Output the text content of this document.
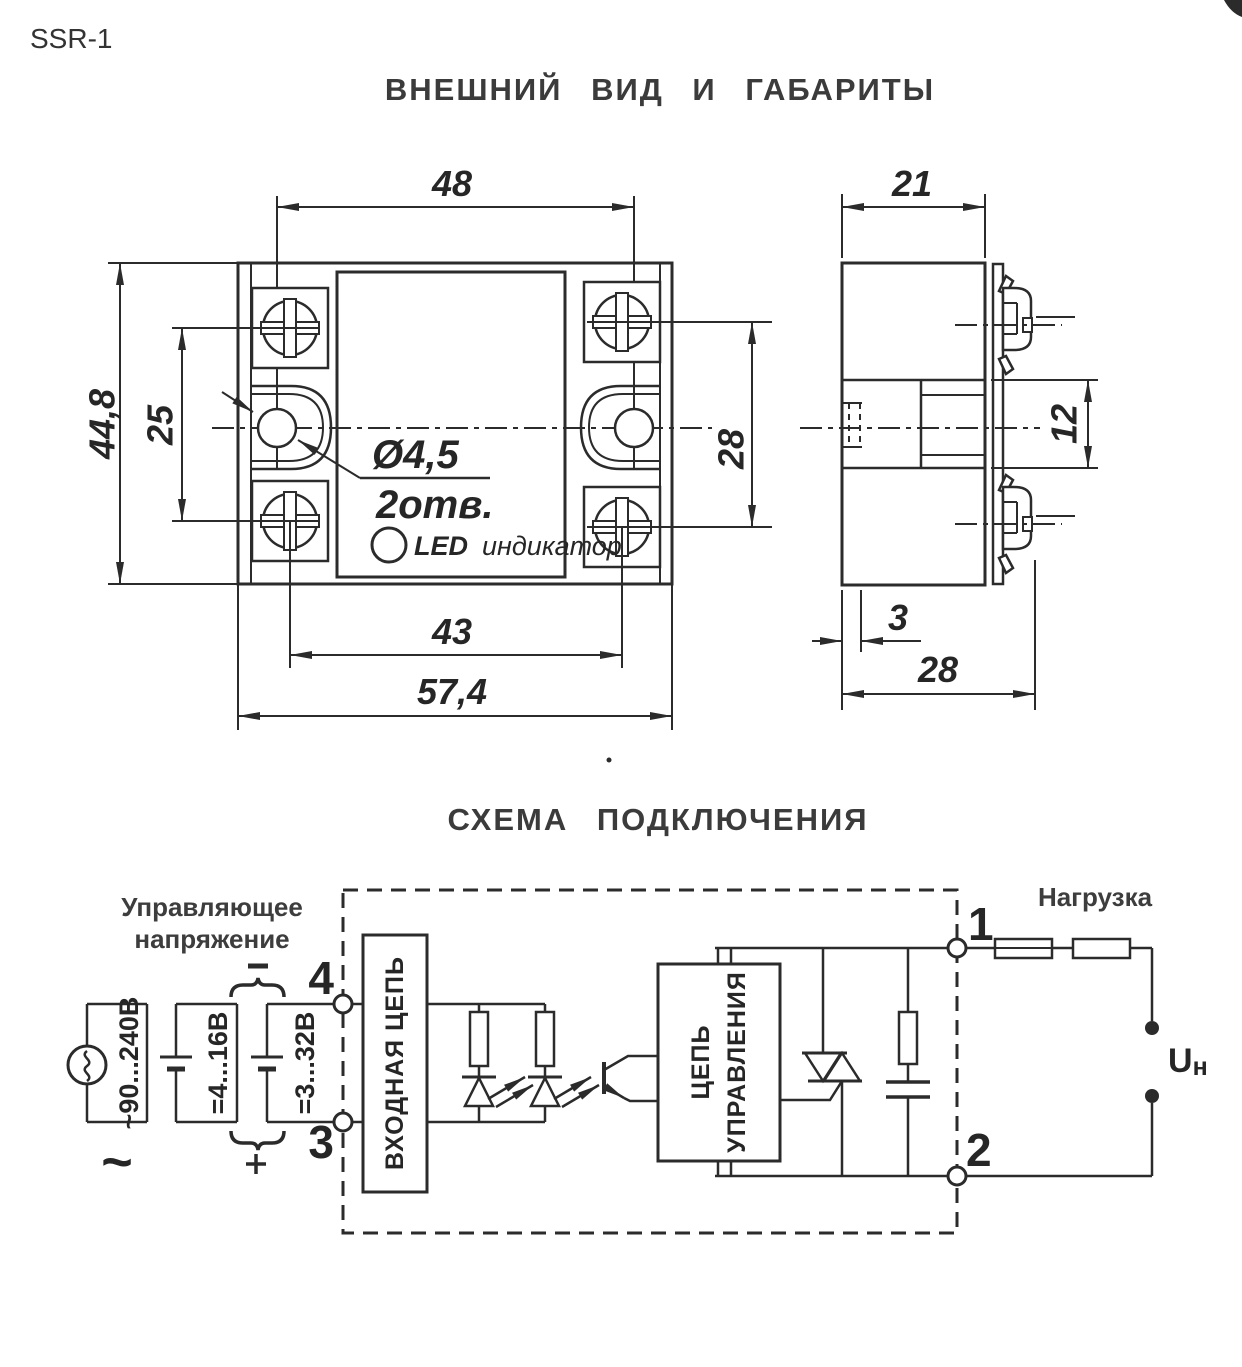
SSR-1
ВНЕШНИЙ ВИД И ГАБАРИТЫ
СХЕМА ПОДКЛЮЧЕНИЯ
LED индикатор
Ø4,5
2отв.
48
44,8 25
28
43
57,4
21
12
3
28
Управляющее
напряжение
~90...240В
~
=4...16В =3...32В
4
3
1
2
ВХОДНАЯ ЦЕПЬ	ЦЕПЬ УПРАВЛЕНИЯ
Нагрузка
Uн
